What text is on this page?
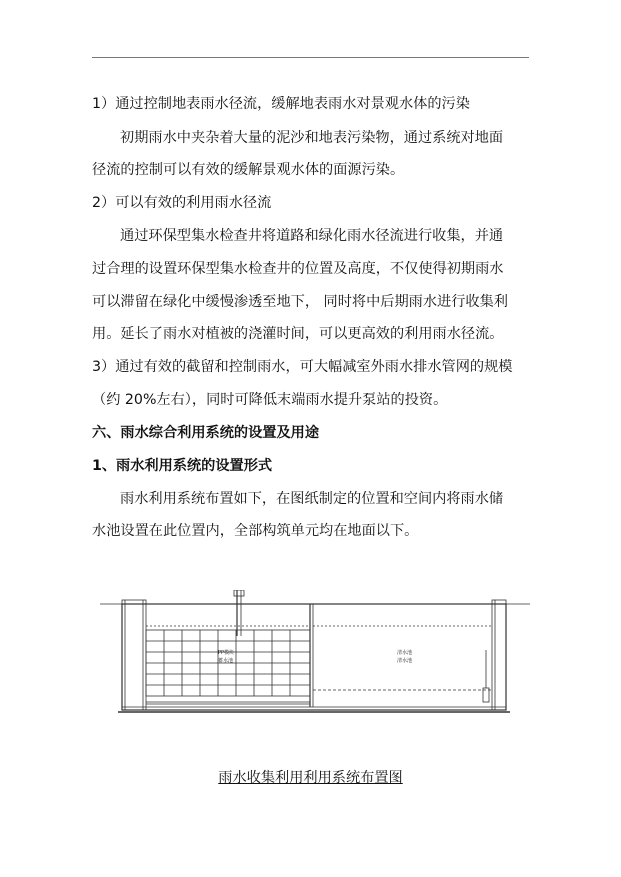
1）通过控制地表雨水径流，缓解地表雨水对景观水体的污染
初期雨水中夹杂着大量的泥沙和地表污染物，通过系统对地面
径流的控制可以有效的缓解景观水体的面源污染。
2）可以有效的利用雨水径流
通过环保型集水检查井将道路和绿化雨水径流进行收集，并通
过合理的设置环保型集水检查井的位置及高度，不仅使得初期雨水
可以滞留在绿化中缓慢渗透至地下， 同时将中后期雨水进行收集利
用。延长了雨水对植被的浇灌时间，可以更高效的利用雨水径流。
3）通过有效的截留和控制雨水，可大幅减室外雨水排水管网的规模
（约 20%左右），同时可降低末端雨水提升泵站的投资。
六、雨水综合利用系统的设置及用途
1、雨水利用系统的设置形式
雨水利用系统布置如下，在图纸制定的位置和空间内将雨水储
水池设置在此位置内，全部构筑单元均在地面以下。
PP模块
蓄水池
清水池
清水池
雨水收集利用利用系统布置图
